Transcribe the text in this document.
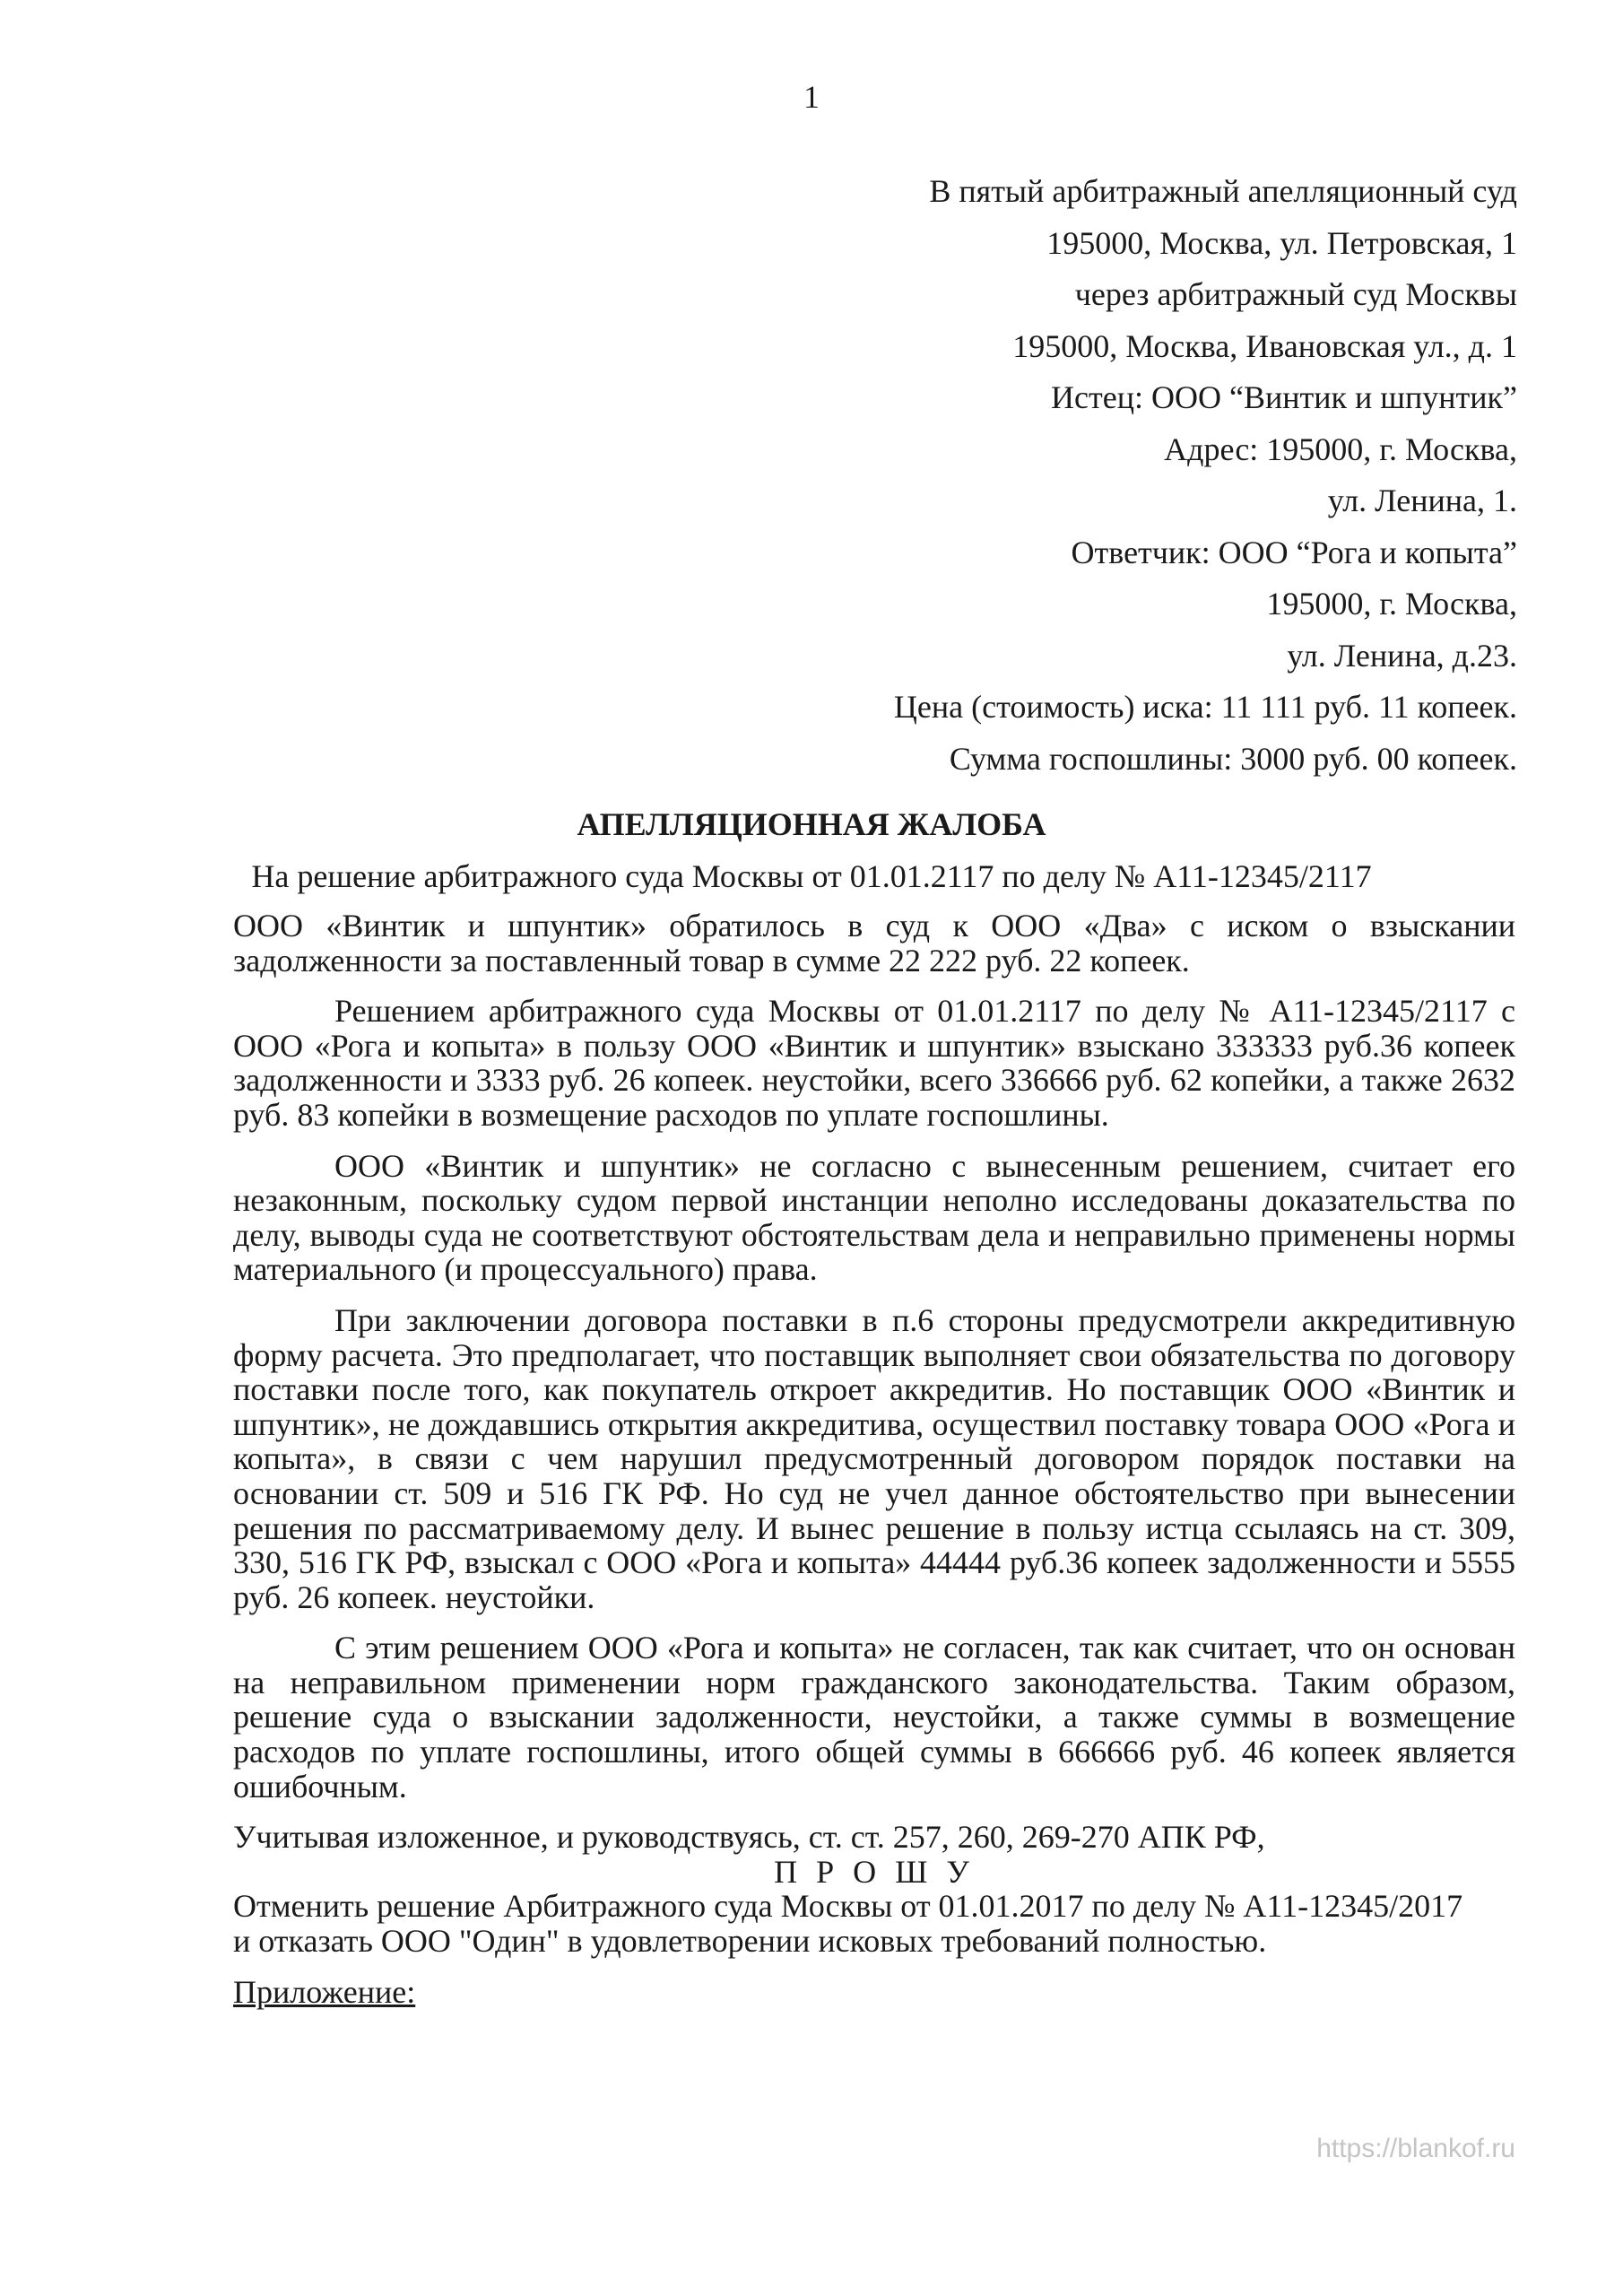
1
В пятый арбитражный апелляционный суд
195000, Москва, ул. Петровская, 1
через арбитражный суд Москвы
195000, Москва, Ивановская ул., д. 1
Истец: ООО “Винтик и шпунтик”
Адрес: 195000, г. Москва,
ул. Ленина, 1.
Ответчик: ООО “Рога и копыта”
195000, г. Москва,
ул. Ленина, д.23.
Цена (стоимость) иска: 11 111 руб. 11 копеек.
Сумма госпошлины: 3000 руб. 00 копеек.
АПЕЛЛЯЦИОННАЯ ЖАЛОБА
На решение арбитражного суда Москвы от 01.01.2117 по делу № А11-12345/2117

ООО «Винтик и шпунтик» обратилось в суд к ООО «Два» с иском о взыскании задолженности за поставленный товар в сумме 22 222 руб. 22 копеек.

Решением арбитражного суда Москвы от 01.01.2117 по делу № А11-12345/2117 с ООО «Рога и копыта» в пользу ООО «Винтик и шпунтик» взыскано 333333 руб.36 копеек задолженности и 3333 руб. 26 копеек. неустойки, всего 336666 руб. 62 копейки, а также 2632 руб. 83 копейки в возмещение расходов по уплате госпошлины.

ООО «Винтик и шпунтик» не согласно с вынесенным решением, считает его незаконным, поскольку судом первой инстанции неполно исследованы доказательства по делу, выводы суда не соответствуют обстоятельствам дела и неправильно применены нормы материального (и процессуального) права.

При заключении договора поставки в п.6 стороны предусмотрели аккредитивную форму расчета. Это предполагает, что поставщик выполняет свои обязательства по договору поставки после того, как покупатель откроет аккредитив. Но поставщик ООО «Винтик и шпунтик», не дождавшись открытия аккредитива, осуществил поставку товара ООО «Рога и копыта», в связи с чем нарушил предусмотренный договором порядок поставки на основании ст. 509 и 516 ГК РФ. Но суд не учел данное обстоятельство при вынесении решения по рассматриваемому делу. И вынес решение в пользу истца ссылаясь на ст. 309, 330, 516 ГК РФ, взыскал с ООО «Рога и копыта» 44444 руб.36 копеек задолженности и 5555 руб. 26 копеек. неустойки.

С этим решением ООО «Рога и копыта» не согласен, так как считает, что он основан на неправильном применении норм гражданского законодательства. Таким образом, решение суда о взыскании задолженности, неустойки, а также суммы в возмещение расходов по уплате госпошлины, итого общей суммы в 666666 руб. 46 копеек является ошибочным.

Учитывая изложенное, и руководствуясь, ст. ст. 257, 260, 269-270 АПК РФ,

П Р О Ш У

Отменить решение Арбитражного суда Москвы от 01.01.2017 по делу № А11-12345/2017

и отказать ООО "Один" в удовлетворении исковых требований полностью.

Приложение:

https://blankof.ru
